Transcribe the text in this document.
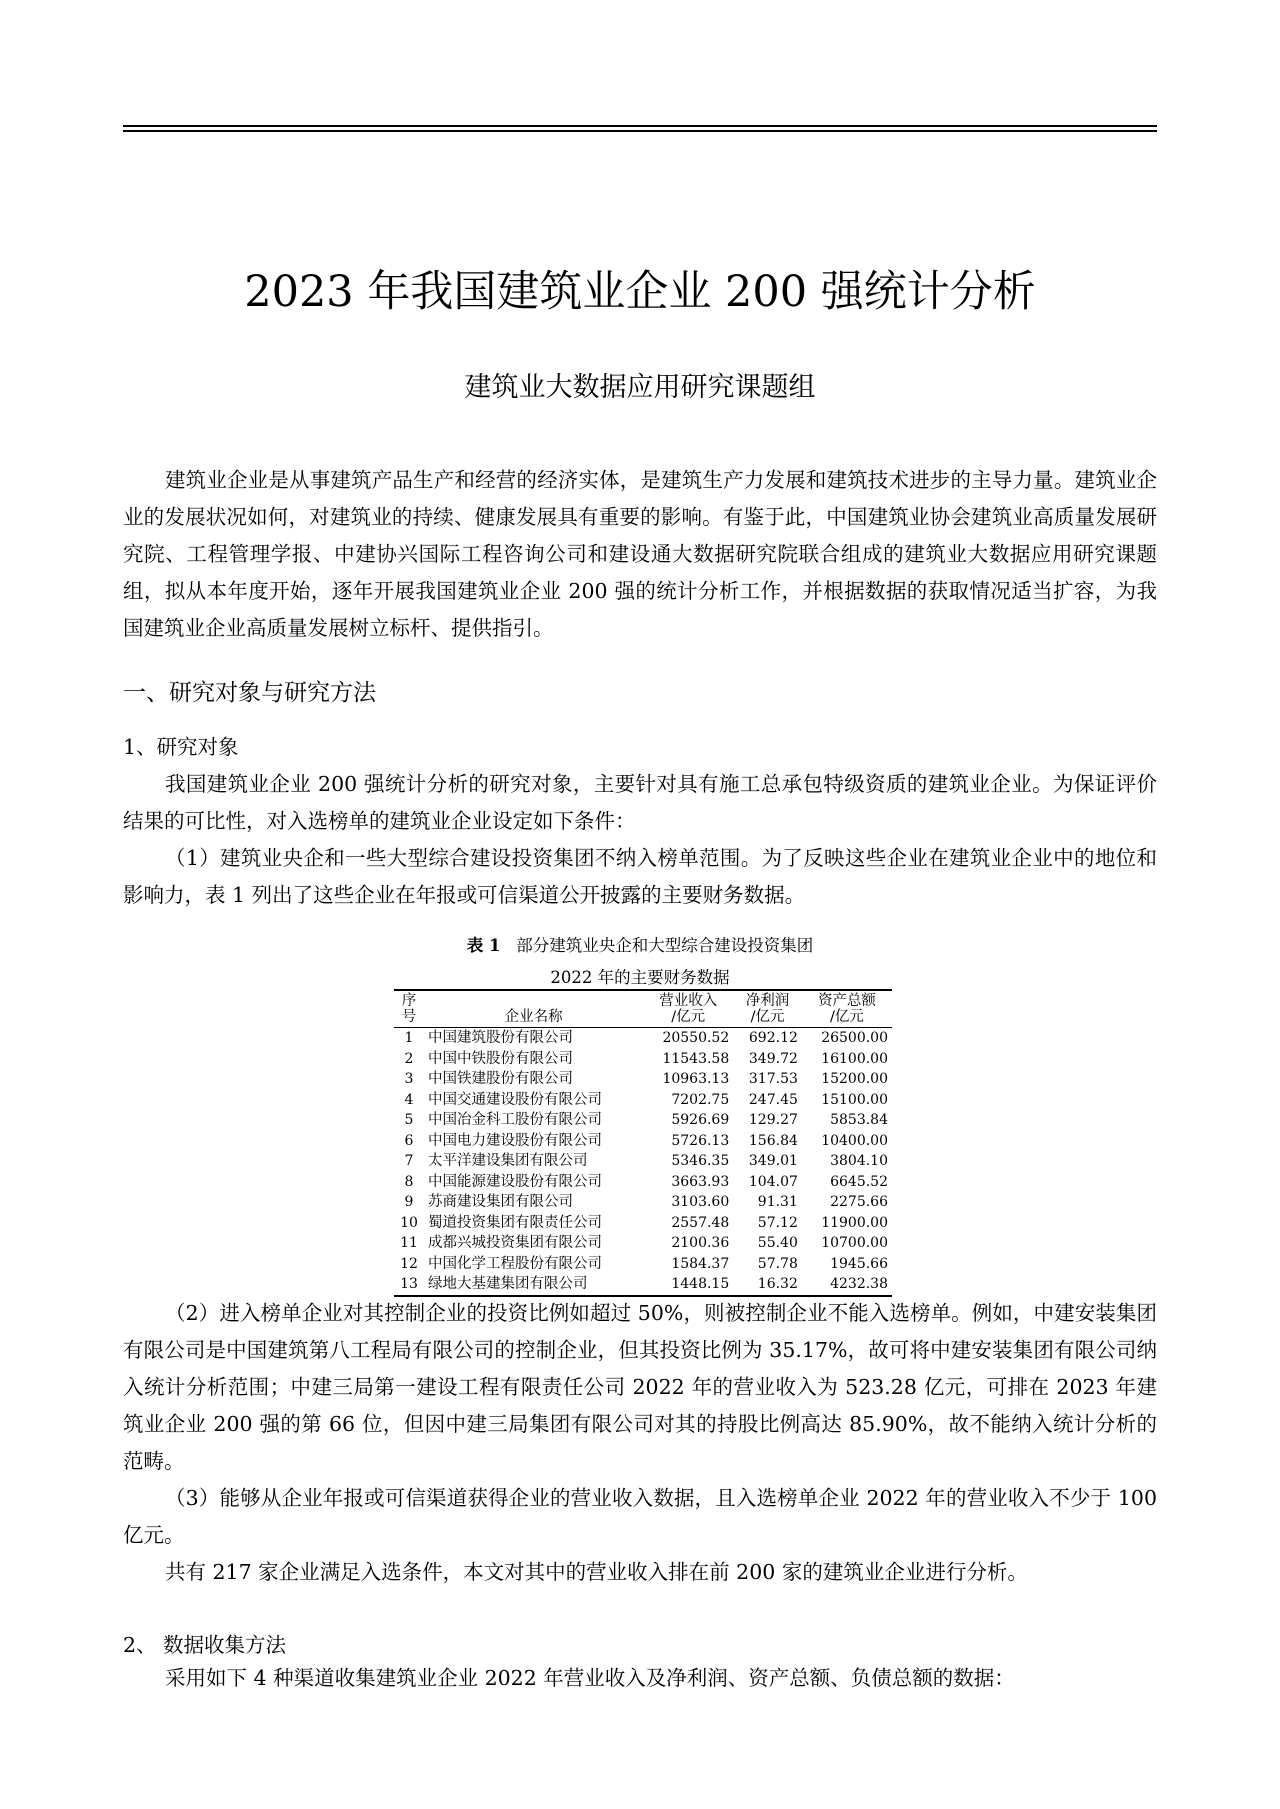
2023 年我国建筑业企业 200 强统计分析
建筑业大数据应用研究课题组

建筑业企业是从事建筑产品生产和经营的经济实体，是建筑生产力发展和建筑技术进步的主导力量。建筑业企业的发展状况如何，对建筑业的持续、健康发展具有重要的影响。有鉴于此，中国建筑业协会建筑业高质量发展研究院、工程管理学报、中建协兴国际工程咨询公司和建设通大数据研究院联合组成的建筑业大数据应用研究课题组，拟从本年度开始，逐年开展我国建筑业企业 200 强的统计分析工作，并根据数据的获取情况适当扩容，为我国建筑业企业高质量发展树立标杆、提供指引。

一、研究对象与研究方法
1、研究对象

我国建筑业企业 200 强统计分析的研究对象，主要针对具有施工总承包特级资质的建筑业企业。为保证评价结果的可比性，对入选榜单的建筑业企业设定如下条件：

（1）建筑业央企和一些大型综合建设投资集团不纳入榜单范围。为了反映这些企业在建筑业企业中的地位和影响力，表 1 列出了这些企业在年报或可信渠道公开披露的主要财务数据。

表 1 部分建筑业央企和大型综合建设投资集团
2022 年的主要财务数据
序
号	企业名称	营业收入
/亿元	净利润
/亿元	资产总额
/亿元
1	中国建筑股份有限公司	20550.52	692.12	26500.00
2	中国中铁股份有限公司	11543.58	349.72	16100.00
3	中国铁建股份有限公司	10963.13	317.53	15200.00
4	中国交通建设股份有限公司	7202.75	247.45	15100.00
5	中国冶金科工股份有限公司	5926.69	129.27	5853.84
6	中国电力建设股份有限公司	5726.13	156.84	10400.00
7	太平洋建设集团有限公司	5346.35	349.01	3804.10
8	中国能源建设股份有限公司	3663.93	104.07	6645.52
9	苏商建设集团有限公司	3103.60	91.31	2275.66
10	蜀道投资集团有限责任公司	2557.48	57.12	11900.00
11	成都兴城投资集团有限公司	2100.36	55.40	10700.00
12	中国化学工程股份有限公司	1584.37	57.78	1945.66
13	绿地大基建集团有限公司	1448.15	16.32	4232.38

（2）进入榜单企业对其控制企业的投资比例如超过 50%，则被控制企业不能入选榜单。例如，中建安装集团有限公司是中国建筑第八工程局有限公司的控制企业，但其投资比例为 35.17%，故可将中建安装集团有限公司纳入统计分析范围；中建三局第一建设工程有限责任公司 2022 年的营业收入为 523.28 亿元，可排在 2023 年建筑业企业 200 强的第 66 位，但因中建三局集团有限公司对其的持股比例高达 85.90%，故不能纳入统计分析的范畴。

（3）能够从企业年报或可信渠道获得企业的营业收入数据，且入选榜单企业 2022 年的营业收入不少于 100 亿元。

共有 217 家企业满足入选条件，本文对其中的营业收入排在前 200 家的建筑业企业进行分析。

2、 数据收集方法

采用如下 4 种渠道收集建筑业企业 2022 年营业收入及净利润、资产总额、负债总额的数据：
